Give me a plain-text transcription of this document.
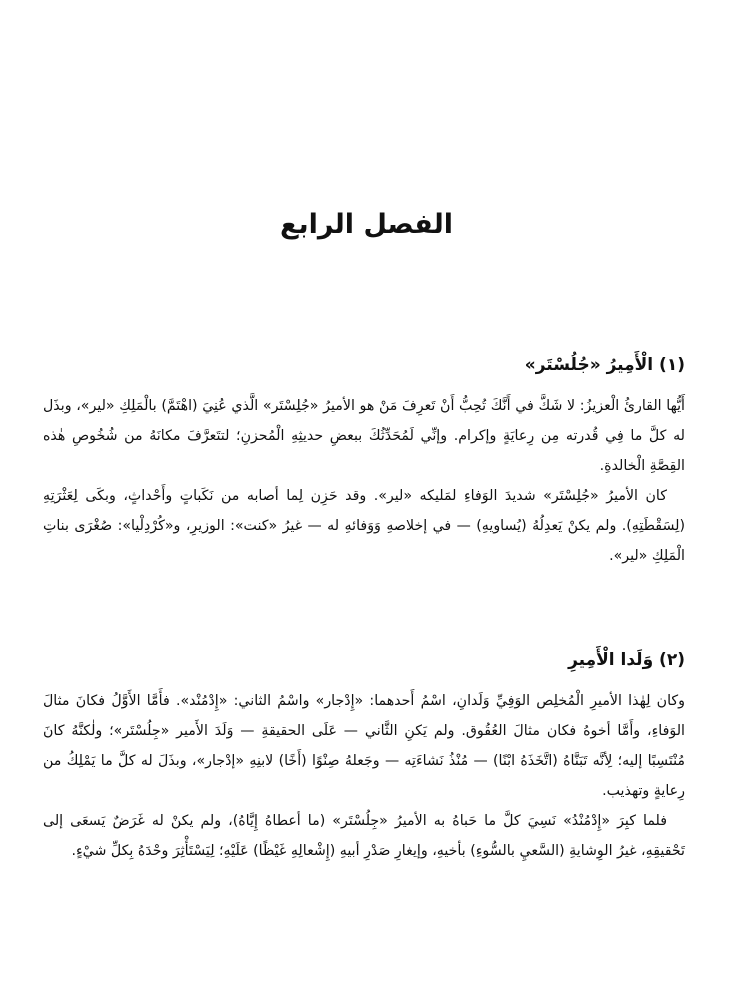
الفصل الرابع
(١) الْأَمِيرُ «جُلُسْتَر»

أَيُّها القارئُ الْعزيزُ: لا شَكَّ في أَنَّكَ تُحِبُّ أَنْ تَعرِفَ مَنْ هو الأميرُ «جُلِسْتَر» الَّذي عُنِيَ (اهْتَمَّ) بالْمَلِكِ «لير»، وبذَل له كلَّ ما فِي قُدرته مِن رِعايَةٍ وإكرام. وإنِّي لَمُحَدِّثُكَ ببعضِ حديثِهِ الْمُحزنِ؛ لتتَعرَّفَ مكانَهُ من شُخُوصِ هٰذه القِصَّةِ الْخالدةِ.

كان الأميرُ «جُلِسْتَر» شديدَ الوَفاءِ لمَليكه «لير». وقد حَزِن لِما أصابه من نَكَباتٍ وأَحْداثٍ، وبكَى لِعَثْرَتِهِ (لِسَقْطَتِهِ). ولم يكنْ يَعدِلُهُ (يُساويهِ) — في إخلاصهِ وَوَفائهِ له — غيرُ «كنت»: الوزيرِ، و«كُرْدِلْيا»: صُغْرَى بناتِ الْمَلِكِ «لير».

(٢) وَلَدا الْأَمِيرِ

وكان لِهٰذا الأميرِ الْمُخلِص الوَفِيِّ وَلَدانِ، اسْمُ أَحدهما: «إِدْجار» واسْمُ الثاني: «إِدْمُنْد». فأَمَّا الأَوَّلُ فكانَ مثالَ الوَفاءِ، وأَمَّا أخوهُ فكان مثالَ العُقُوق. ولم يَكنِ الثَّاني — عَلَى الحقيقةِ — وَلَدَ الأَمير «جِلُسْتَر»؛ ولٰكنَّهُ كانَ مُنْتَسِبًا إليه؛ لِأنَّه تَبَنَّاهُ (اتَّخَذَهُ ابْنًا) — مُنْذُ نَشاءَتِه — وجَعلهُ صِنْوًا (أَخًا) لابنِهِ «إدْجار»، وبذَلَ له كلَّ ما يَمْلِكُ من رِعايةٍ وتهذيب.

فلما كبِرَ «إِدْمُنْدُ» نَسِيَ كلَّ ما حَباهُ به الأميرُ «جِلُسْتَر» (ما أعطاهُ إِيَّاهُ)، ولم يكنْ له غَرَضٌ يَسعَى إلى تَحْقيقِهِ، غيرُ الوِشايةِ (السَّعيِ بالسُّوءِ) بأخيهِ، وإيغارِ صَدْرِ أبيهِ (إِشْعالِهِ غَيْظًا) عَلَيْهِ؛ لِيَسْتَأْثِرَ وحْدَهُ بِكلِّ شيْءٍ.
